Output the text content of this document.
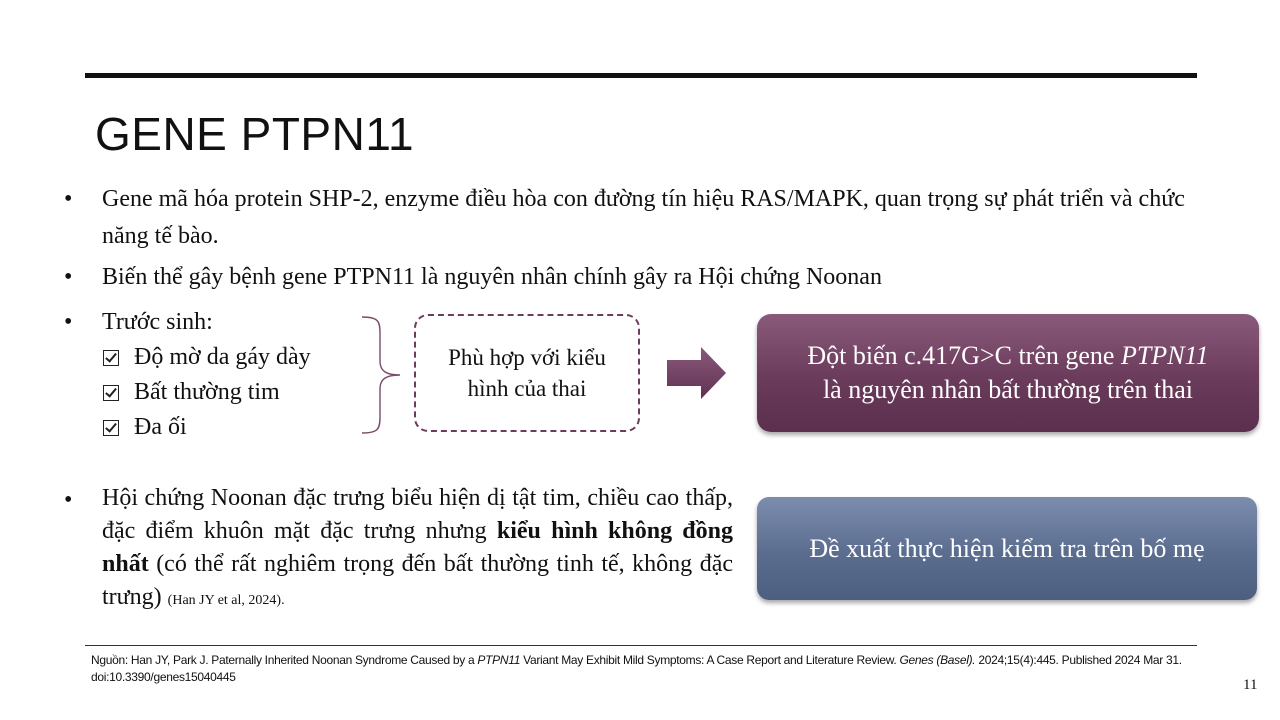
GENE PTPN11
• Gene mã hóa protein SHP-2, enzyme điều hòa con đường tín hiệu RAS/MAPK, quan trọng sự phát triển và chức năng tế bào.
• Biến thể gây bệnh gene PTPN11 là nguyên nhân chính gây ra Hội chứng Noonan
• Trước sinh:
Độ mờ da gáy dày
Bất thường tim
Đa ối
Phù hợp với kiểu hình của thai
Đột biến c.417G>C trên gene PTPN11
là nguyên nhân bất thường trên thai
• Hội chứng Noonan đặc trưng biểu hiện dị tật tim, chiều cao thấp, đặc điểm khuôn mặt đặc trưng nhưng kiểu hình không đồng nhất (có thể rất nghiêm trọng đến bất thường tinh tế, không đặc trưng) (Han JY et al, 2024).
Đề xuất thực hiện kiểm tra trên bố mẹ
Nguồn: Han JY, Park J. Paternally Inherited Noonan Syndrome Caused by a PTPN11 Variant May Exhibit Mild Symptoms: A Case Report and Literature Review. Genes (Basel). 2024;15(4):445. Published 2024 Mar 31. doi:10.3390/genes15040445	11
